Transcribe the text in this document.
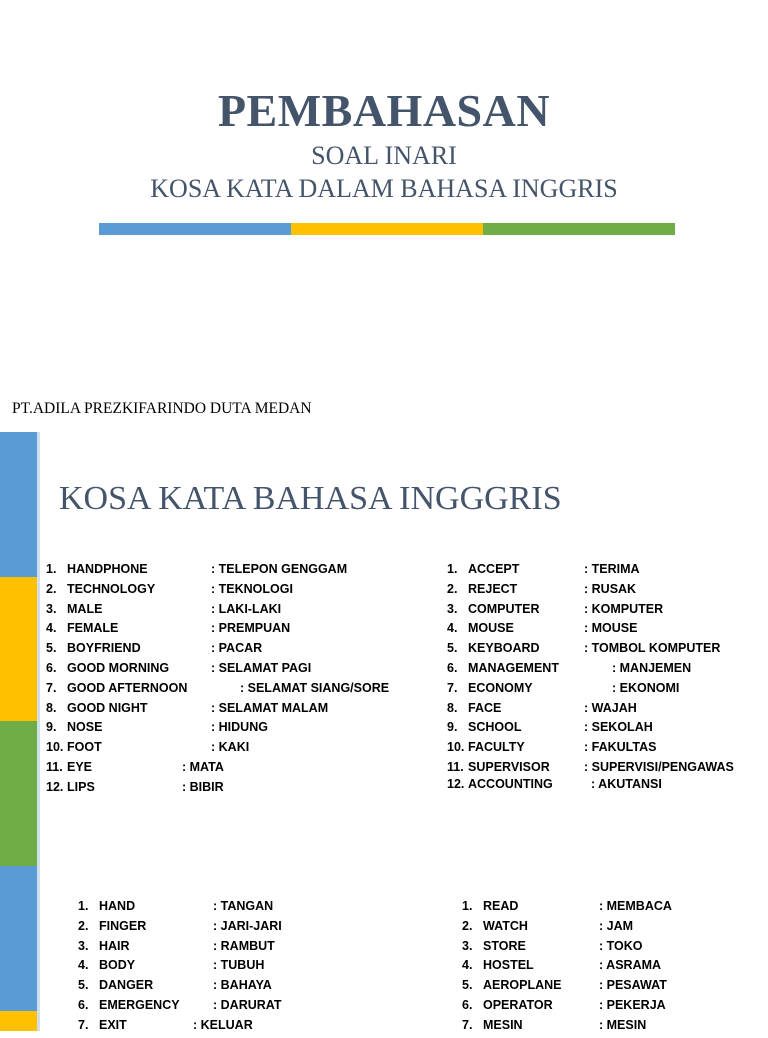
PEMBAHASAN
SOAL INARI
KOSA KATA DALAM BAHASA INGGRIS
PT.ADILA PREZKIFARINDO DUTA MEDAN
KOSA KATA BAHASA INGGGRIS
1. HANDPHONE	: TELEPON GENGGAM
2. TECHNOLOGY	: TEKNOLOGI
3. MALE	: LAKI-LAKI
4. FEMALE	: PREMPUAN
5. BOYFRIEND	: PACAR
6. GOOD MORNING	: SELAMAT PAGI
7. GOOD AFTERNOON	: SELAMAT SIANG/SORE
8. GOOD NIGHT	: SELAMAT MALAM
9. NOSE	: HIDUNG
10. FOOT	: KAKI
11. EYE	: MATA
12. LIPS	: BIBIR
1. ACCEPT	: TERIMA
2. REJECT	: RUSAK
3. COMPUTER	: KOMPUTER
4. MOUSE	: MOUSE
5. KEYBOARD	: TOMBOL KOMPUTER
6. MANAGEMENT	: MANJEMEN
7. ECONOMY	: EKONOMI
8. FACE	: WAJAH
9. SCHOOL	: SEKOLAH
10. FACULTY	: FAKULTAS
11. SUPERVISOR	: SUPERVISI/PENGAWAS
12. ACCOUNTING	: AKUTANSI
1. HAND	: TANGAN
2. FINGER	: JARI-JARI
3. HAIR	: RAMBUT
4. BODY	: TUBUH
5. DANGER	: BAHAYA
6. EMERGENCY	: DARURAT
7. EXIT	: KELUAR
1. READ	: MEMBACA
2. WATCH	: JAM
3. STORE	: TOKO
4. HOSTEL	: ASRAMA
5. AEROPLANE	: PESAWAT
6. OPERATOR	: PEKERJA
7. MESIN	: MESIN
